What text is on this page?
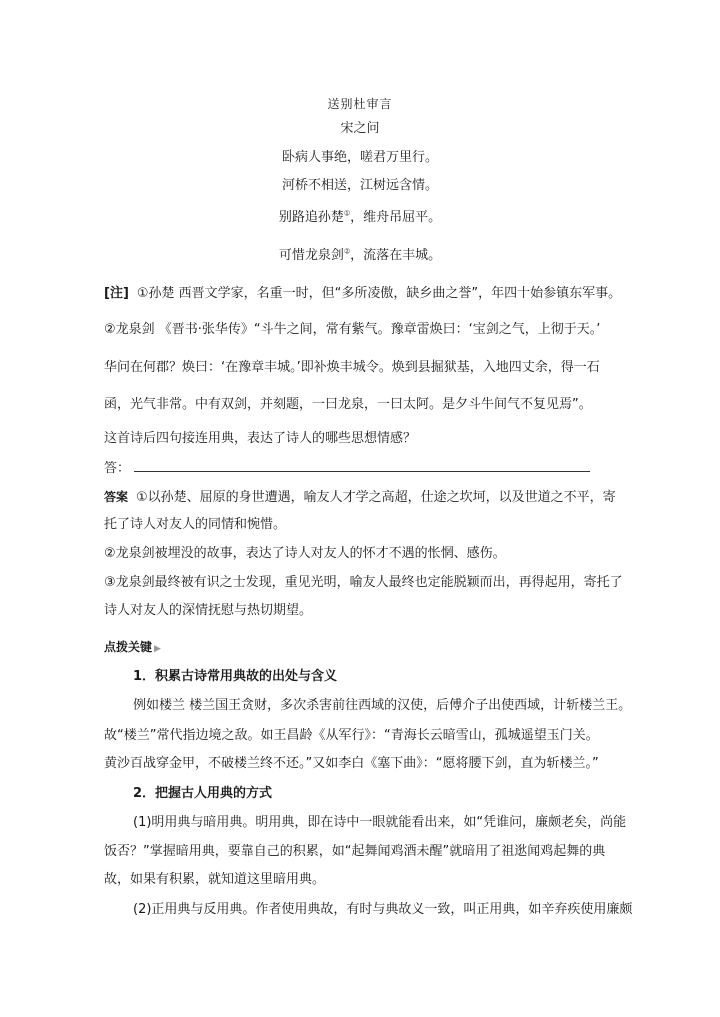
送别杜审言
宋之问
卧病人事绝，嗟君万里行。
河桥不相送，江树远含情。
别路追孙楚①，维舟吊屈平。
可惜龙泉剑②，流落在丰城。
[注] ①孙楚 西晋文学家，名重一时，但“多所凌傲，缺乡曲之誉”，年四十始参镇东军事。
②龙泉剑 《晋书·张华传》“斗牛之间，常有紫气。豫章雷焕曰：‘宝剑之气，上彻于天。’
华问在何郡？焕曰：‘在豫章丰城。’即补焕丰城令。焕到县掘狱基，入地四丈余，得一石
函，光气非常。中有双剑，并刻题，一曰龙泉，一曰太阿。是夕斗牛间气不复见焉”。
这首诗后四句接连用典，表达了诗人的哪些思想情感？
答：
答案 ①以孙楚、屈原的身世遭遇，喻友人才学之高超，仕途之坎坷，以及世道之不平，寄
托了诗人对友人的同情和惋惜。
②龙泉剑被埋没的故事，表达了诗人对友人的怀才不遇的怅惘、感伤。
③龙泉剑最终被有识之士发现，重见光明，喻友人最终也定能脱颖而出，再得起用，寄托了
诗人对友人的深情抚慰与热切期望。
点拨关键 ▶
1．积累古诗常用典故的出处与含义
例如楼兰 楼兰国王贪财，多次杀害前往西域的汉使，后傅介子出使西域，计斩楼兰王。
故“楼兰”常代指边境之敌。如王昌龄《从军行》：“青海长云暗雪山，孤城遥望玉门关。
黄沙百战穿金甲，不破楼兰终不还。”又如李白《塞下曲》：“愿将腰下剑，直为斩楼兰。”
2．把握古人用典的方式
(1)明用典与暗用典。明用典，即在诗中一眼就能看出来，如“凭谁问，廉颇老矣，尚能
饭否？”掌握暗用典，要靠自己的积累，如“起舞闻鸡酒未醒”就暗用了祖逖闻鸡起舞的典
故，如果有积累，就知道这里暗用典。
(2)正用典与反用典。作者使用典故，有时与典故义一致，叫正用典，如辛弃疾使用廉颇
